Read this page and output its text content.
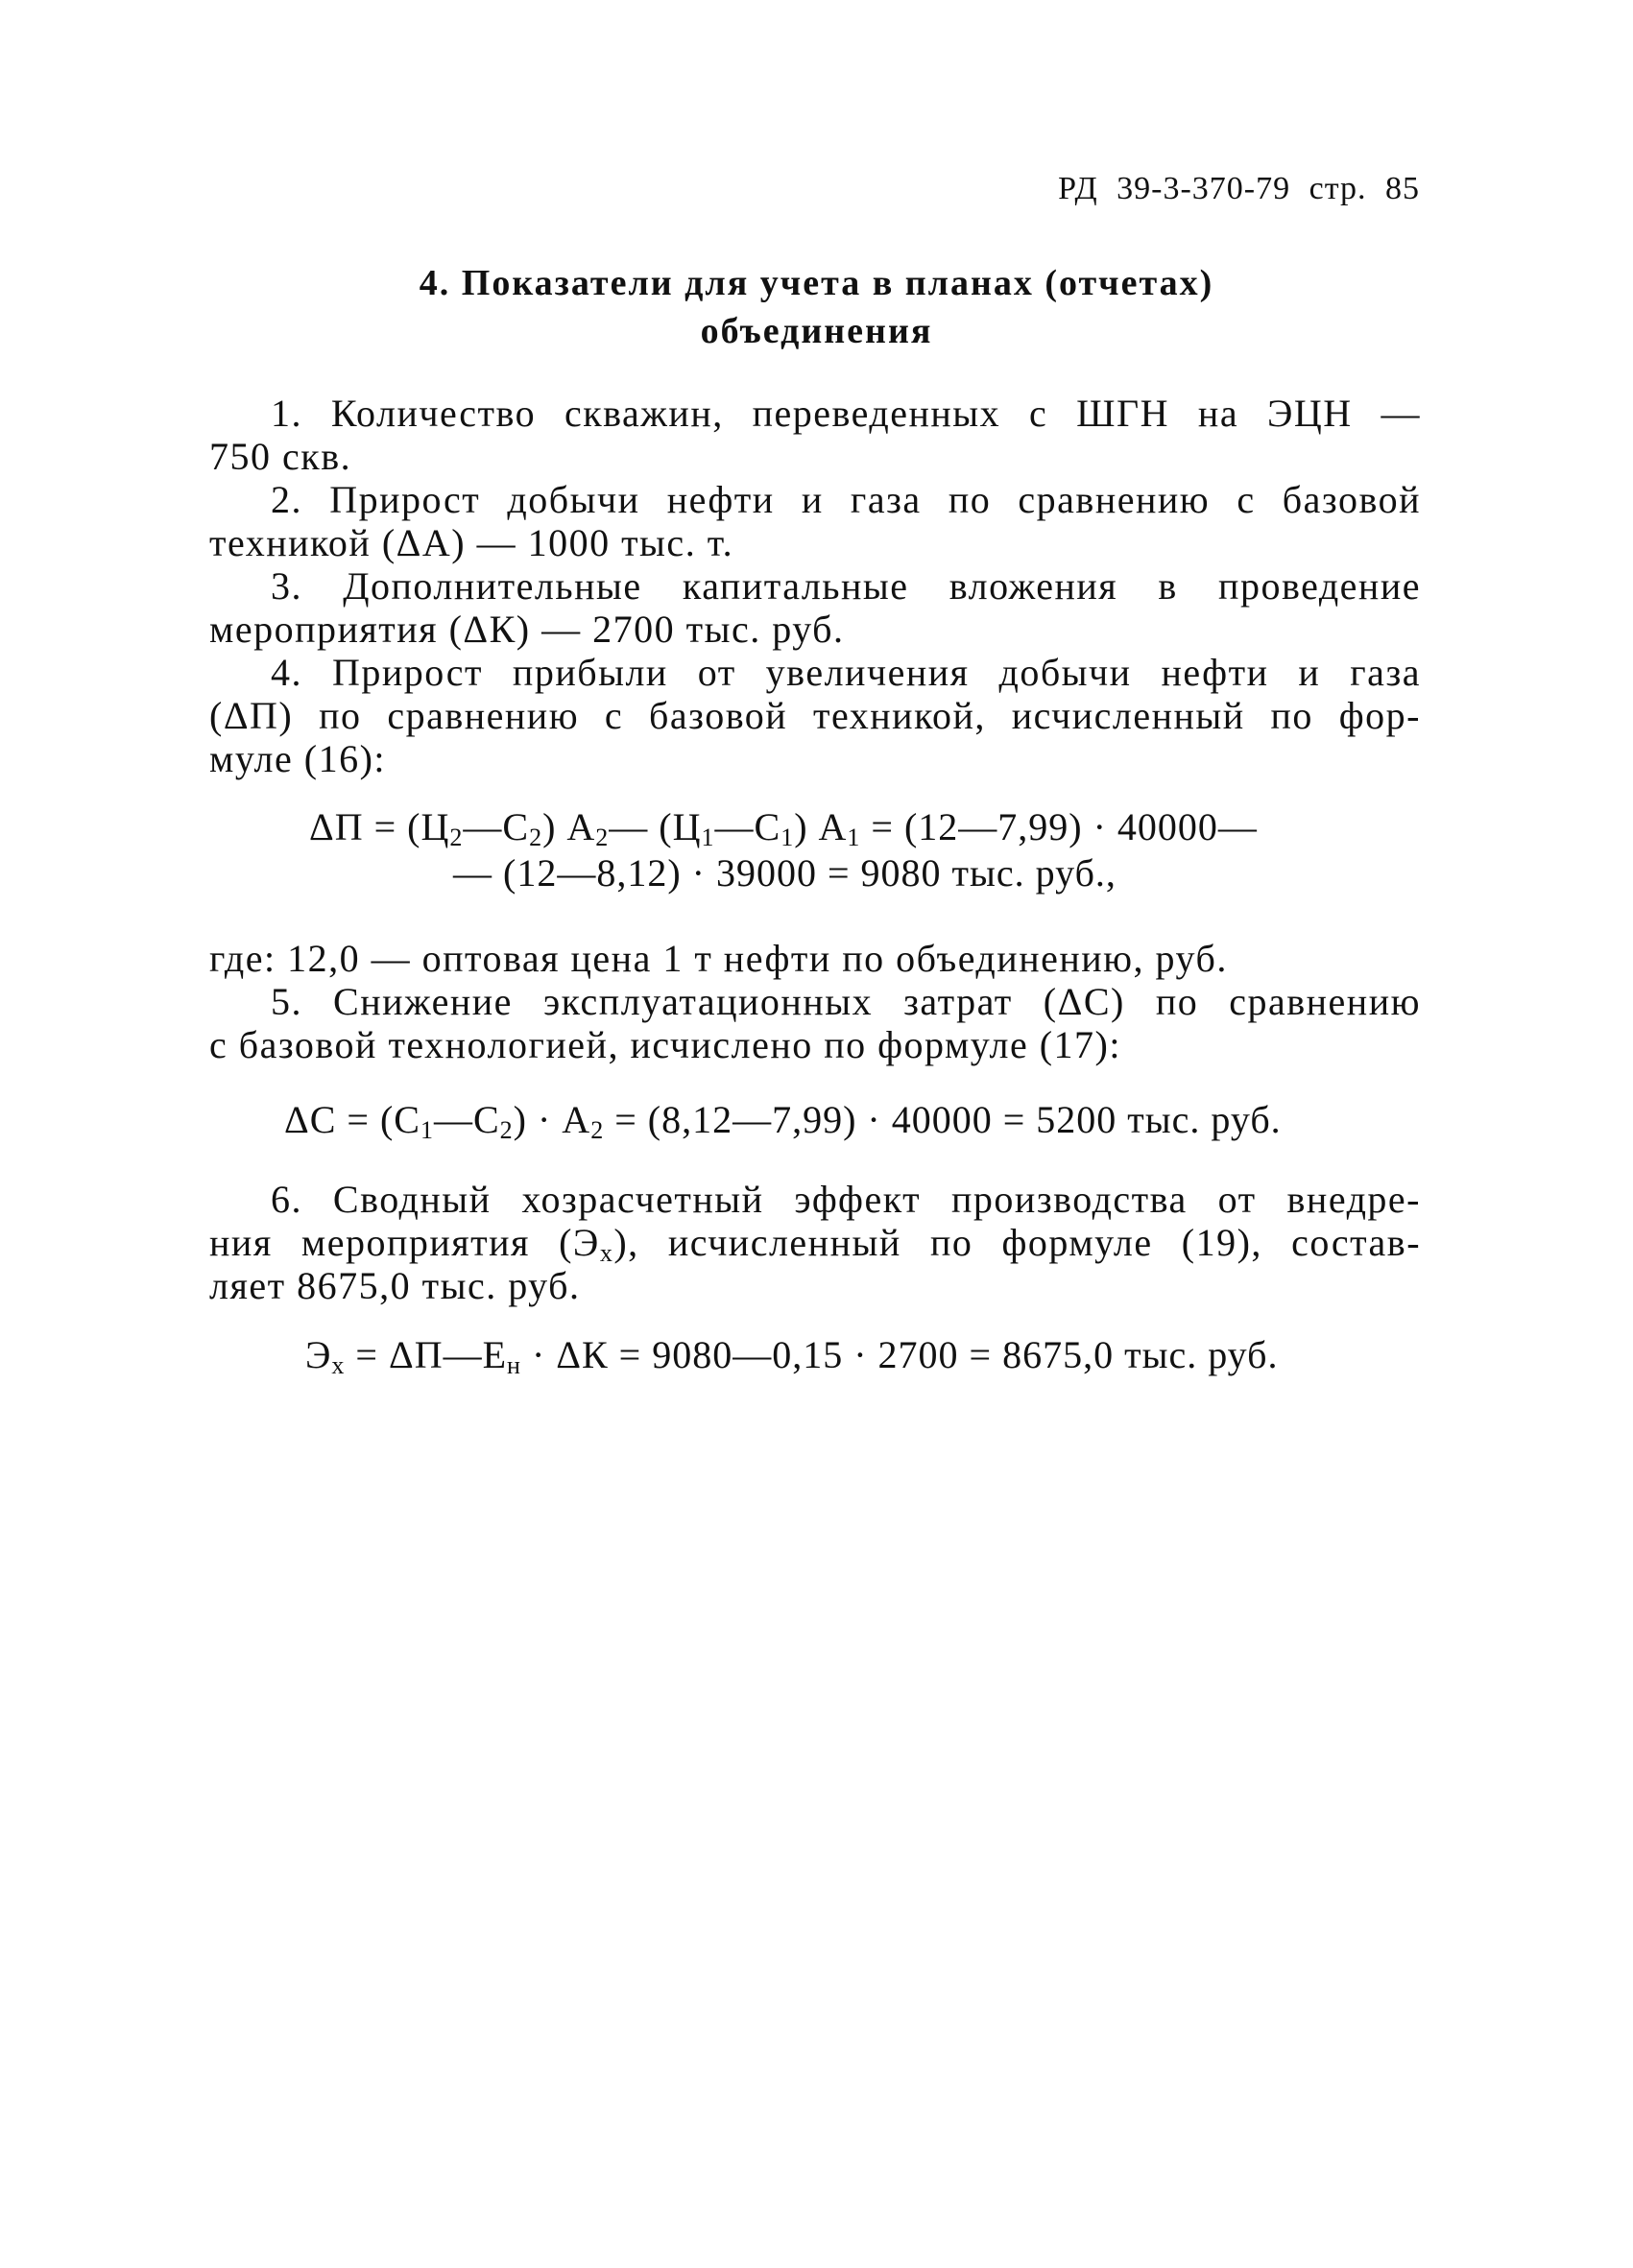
РД 39-3-370-79 стр. 85
4. Показатели для учета в планах (отчетах)
объединения

1. Количество скважин, переведенных с ШГН на ЭЦН —
750 скв.

2. Прирост добычи нефти и газа по сравнению с базовой
техникой (ΔА) — 1000 тыс. т.

3. Дополнительные капитальные вложения в проведение
мероприятия (ΔК) — 2700 тыс. руб.

4. Прирост прибыли от увеличения добычи нефти и газа
(ΔП) по сравнению с базовой техникой, исчисленный по фор-
муле (16):

$\Delta П = (Ц_2—С_2)$ $А_2—$ $(Ц_1—С_1) А_1$ = (12—7,99) · 40000—
— (12—8,12) · 39000 = 9080 тыс. руб.,

где: 12,0 — оптовая цена 1 т нефти по объединению, руб.

5. Снижение эксплуатационных затрат (ΔС) по сравнению
с базовой технологией, исчислено по формуле (17):

$\Delta С = (С_1—С_2) \cdot А_2$ = (8,12—7,99) · 40000 = 5200 тыс. руб.

6. Сводный хозрасчетный эффект производства от внедре-
ния мероприятия $(Э_x)$, исчисленный по формуле (19), состав-
ляет 8675,0 тыс. руб.

$Э_x$ = $\Delta П—Е_н \cdot \Delta К$ = 9080—0,15 · 2700 = 8675,0 тыс. руб.
